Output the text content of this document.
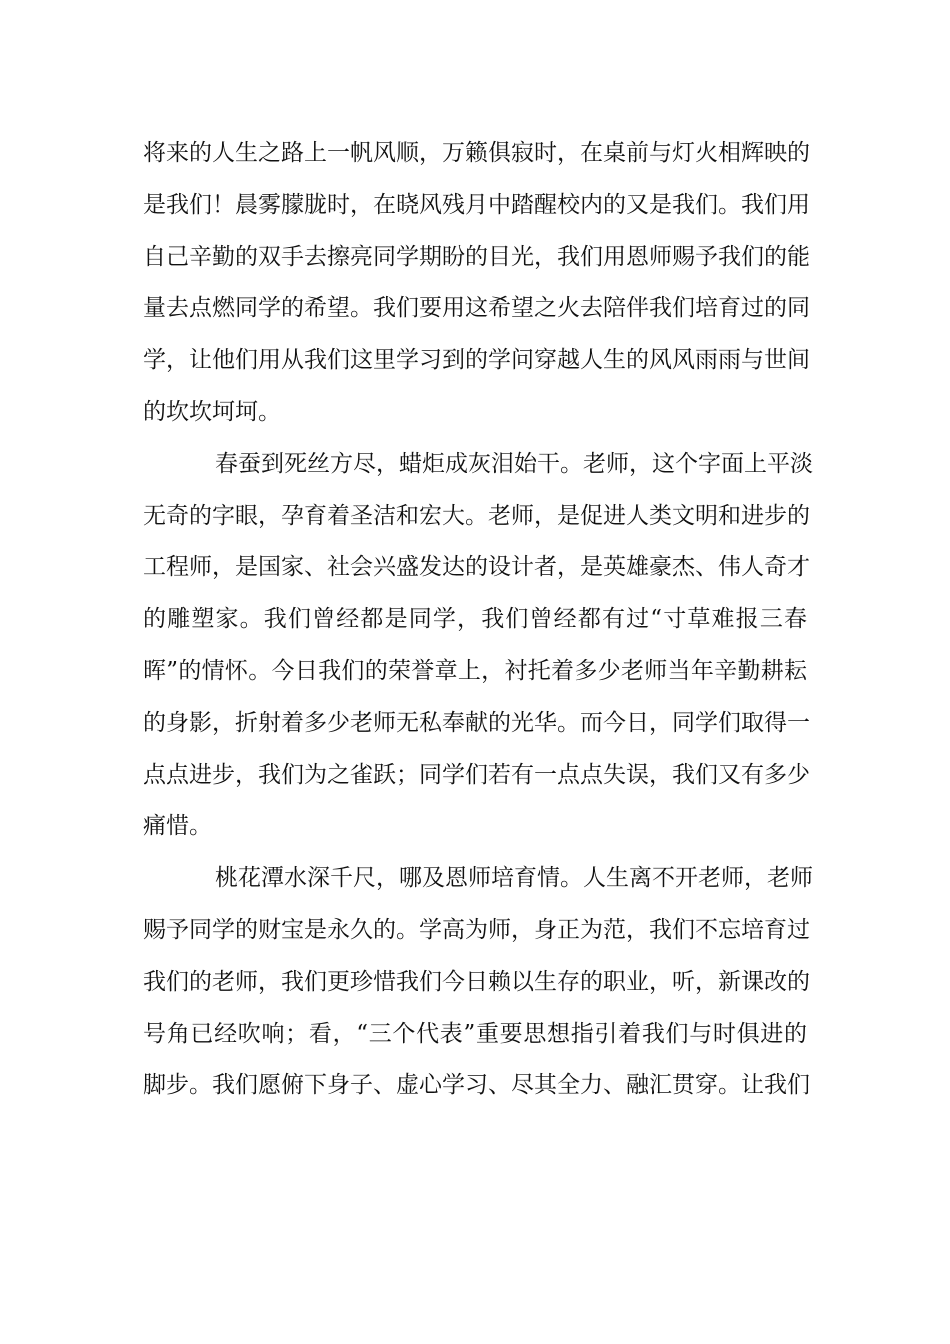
将来的人生之路上一帆风顺，万籁俱寂时，在桌前与灯火相辉映的
是我们！晨雾朦胧时，在晓风残月中踏醒校内的又是我们。我们用
自己辛勤的双手去擦亮同学期盼的目光，我们用恩师赐予我们的能
量去点燃同学的希望。我们要用这希望之火去陪伴我们培育过的同
学，让他们用从我们这里学习到的学问穿越人生的风风雨雨与世间
的坎坎坷坷。
春蚕到死丝方尽，蜡炬成灰泪始干。老师，这个字面上平淡
无奇的字眼，孕育着圣洁和宏大。老师，是促进人类文明和进步的
工程师，是国家、社会兴盛发达的设计者，是英雄豪杰、伟人奇才
的雕塑家。我们曾经都是同学，我们曾经都有过“寸草难报三春
晖”的情怀。今日我们的荣誉章上，衬托着多少老师当年辛勤耕耘
的身影，折射着多少老师无私奉献的光华。而今日，同学们取得一
点点进步，我们为之雀跃；同学们若有一点点失误，我们又有多少
痛惜。
桃花潭水深千尺，哪及恩师培育情。人生离不开老师，老师
赐予同学的财宝是永久的。学高为师，身正为范，我们不忘培育过
我们的老师，我们更珍惜我们今日赖以生存的职业，听，新课改的
号角已经吹响；看，“三个代表”重要思想指引着我们与时俱进的
脚步。我们愿俯下身子、虚心学习、尽其全力、融汇贯穿。让我们
